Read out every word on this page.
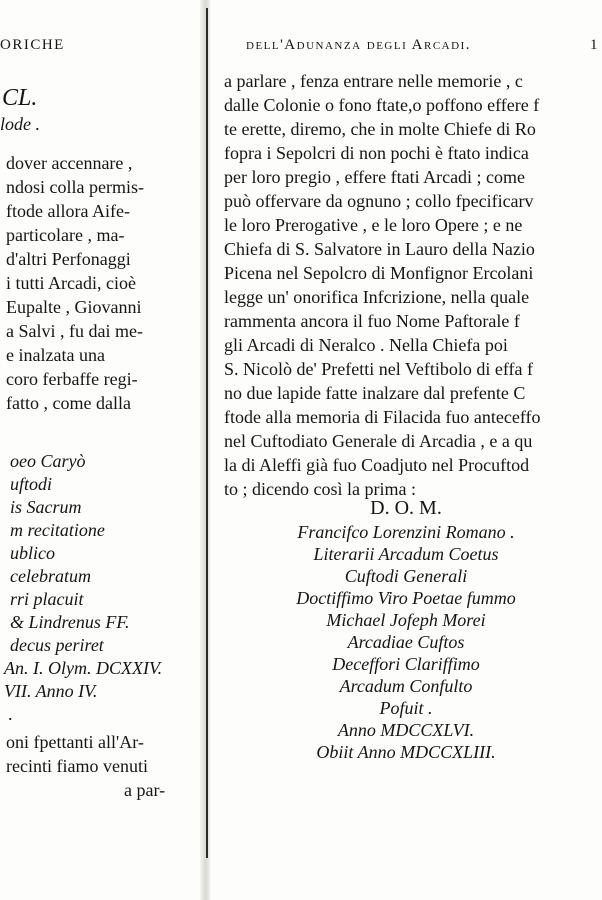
ORICHE
CL.
lode .
dover accennare ,
ndosi colla permis-
ftode allora Aife-
particolare , ma-
d'altri Perfonaggi
i tutti Arcadi, cioè
Eupalte , Giovanni
a Salvi , fu dai me-
e inalzata una
coro ferbaffe regi-
fatto , come dalla
oeo Caryò
uftodi
is Sacrum
m recitatione
ublico
celebratum
rri placuit
& Lindrenus FF.
decus periret
An. I. Olym. DCXXIV.
VII. Anno IV.
.
oni fpettanti all'Ar-
recinti fiamo venuti
a par-
dell'Adunanza degli Arcadi.	1
a parlare , fenza entrare nelle memorie , c
dalle Colonie o fono ftate,o poffono effere f
te erette, diremo, che in molte Chiefe di Ro
fopra i Sepolcri di non pochi è ftato indica
per loro pregio , effere ftati Arcadi ; come
può offervare da ognuno ; collo fpecificarv
le loro Prerogative , e le loro Opere ; e ne
Chiefa di S. Salvatore in Lauro della Nazio
Picena nel Sepolcro di Monfignor Ercolani
legge un' onorifica Infcrizione, nella quale
rammenta ancora il fuo Nome Paftorale f
gli Arcadi di Neralco . Nella Chiefa poi
S. Nicolò de' Prefetti nel Veftibolo di effa f
no due lapide fatte inalzare dal prefente C
ftode alla memoria di Filacida fuo anteceffo
nel Cuftodiato Generale di Arcadia , e a qu
la di Aleffi già fuo Coadjuto nel Procuftod
to ; dicendo così la prima :
D. O. M.
Francifco Lorenzini Romano .
Literarii Arcadum Coetus
Cuftodi Generali
Doctiffimo Viro Poetae fummo
Michael Jofeph Morei
Arcadiae Cuftos
Deceffori Clariffimo
Arcadum Confulto
Pofuit .
Anno MDCCXLVI.
Obiit Anno MDCCXLIII.
